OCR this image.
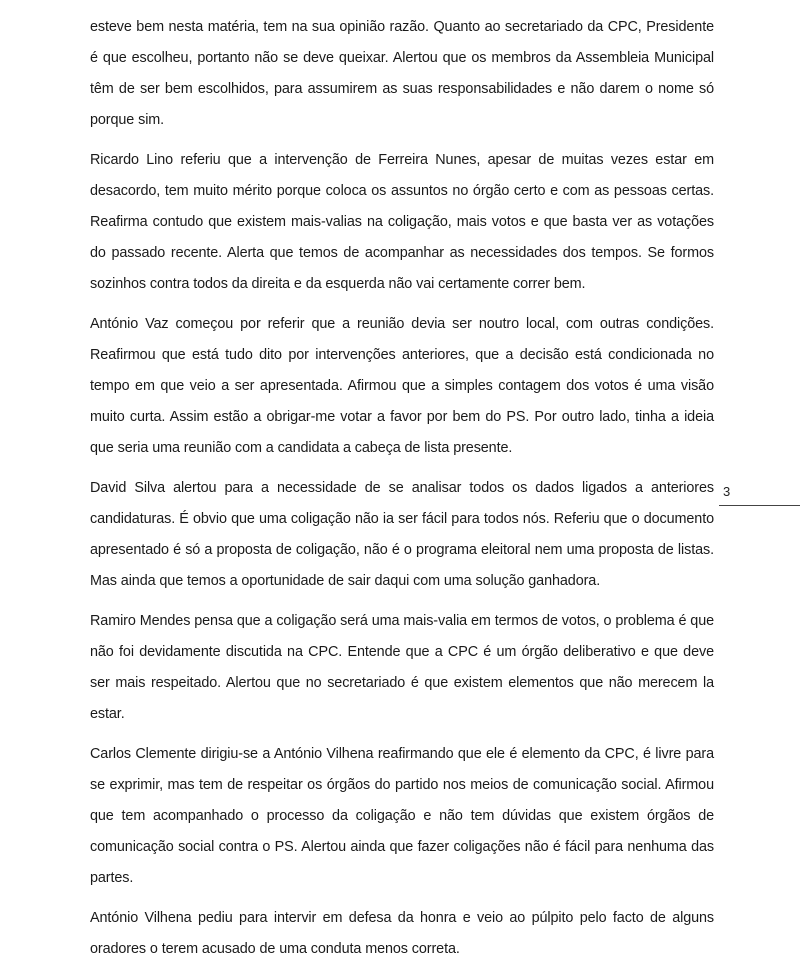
esteve bem nesta matéria, tem na sua opinião razão. Quanto ao secretariado da CPC, Presidente é que escolheu, portanto não se deve queixar. Alertou que os membros da Assembleia Municipal têm de ser bem escolhidos, para assumirem as suas responsabilidades e não darem o nome só porque sim.

Ricardo Lino referiu que a intervenção de Ferreira Nunes, apesar de muitas vezes estar em desacordo, tem muito mérito porque coloca os assuntos no órgão certo e com as pessoas certas. Reafirma contudo que existem mais-valias na coligação, mais votos e que basta ver as votações do passado recente. Alerta que temos de acompanhar as necessidades dos tempos. Se formos sozinhos contra todos da direita e da esquerda não vai certamente correr bem.

António Vaz começou por referir que a reunião devia ser noutro local, com outras condições. Reafirmou que está tudo dito por intervenções anteriores, que a decisão está condicionada no tempo em que veio a ser apresentada. Afirmou que a simples contagem dos votos é uma visão muito curta. Assim estão a obrigar-me votar a favor por bem do PS. Por outro lado, tinha a ideia que seria uma reunião com a candidata a cabeça de lista presente.

David Silva alertou para a necessidade de se analisar todos os dados ligados a anteriores candidaturas. É obvio que uma coligação não ia ser fácil para todos nós. Referiu que o documento apresentado é só a proposta de coligação, não é o programa eleitoral nem uma proposta de listas. Mas ainda que temos a oportunidade de sair daqui com uma solução ganhadora.

Ramiro Mendes pensa que a coligação será uma mais-valia em termos de votos, o problema é que não foi devidamente discutida na CPC. Entende que a CPC é um órgão deliberativo e que deve ser mais respeitado. Alertou que no secretariado é que existem elementos que não merecem la estar.

Carlos Clemente dirigiu-se a António Vilhena reafirmando que ele é elemento da CPC, é livre para se exprimir, mas tem de respeitar os órgãos do partido nos meios de comunicação social. Afirmou que tem acompanhado o processo da coligação e não tem dúvidas que existem órgãos de comunicação social contra o PS. Alertou ainda que fazer coligações não é fácil para nenhuma das partes.

António Vilhena pediu para intervir em defesa da honra e veio ao púlpito pelo facto de alguns oradores o terem acusado de uma conduta menos correta.

3
